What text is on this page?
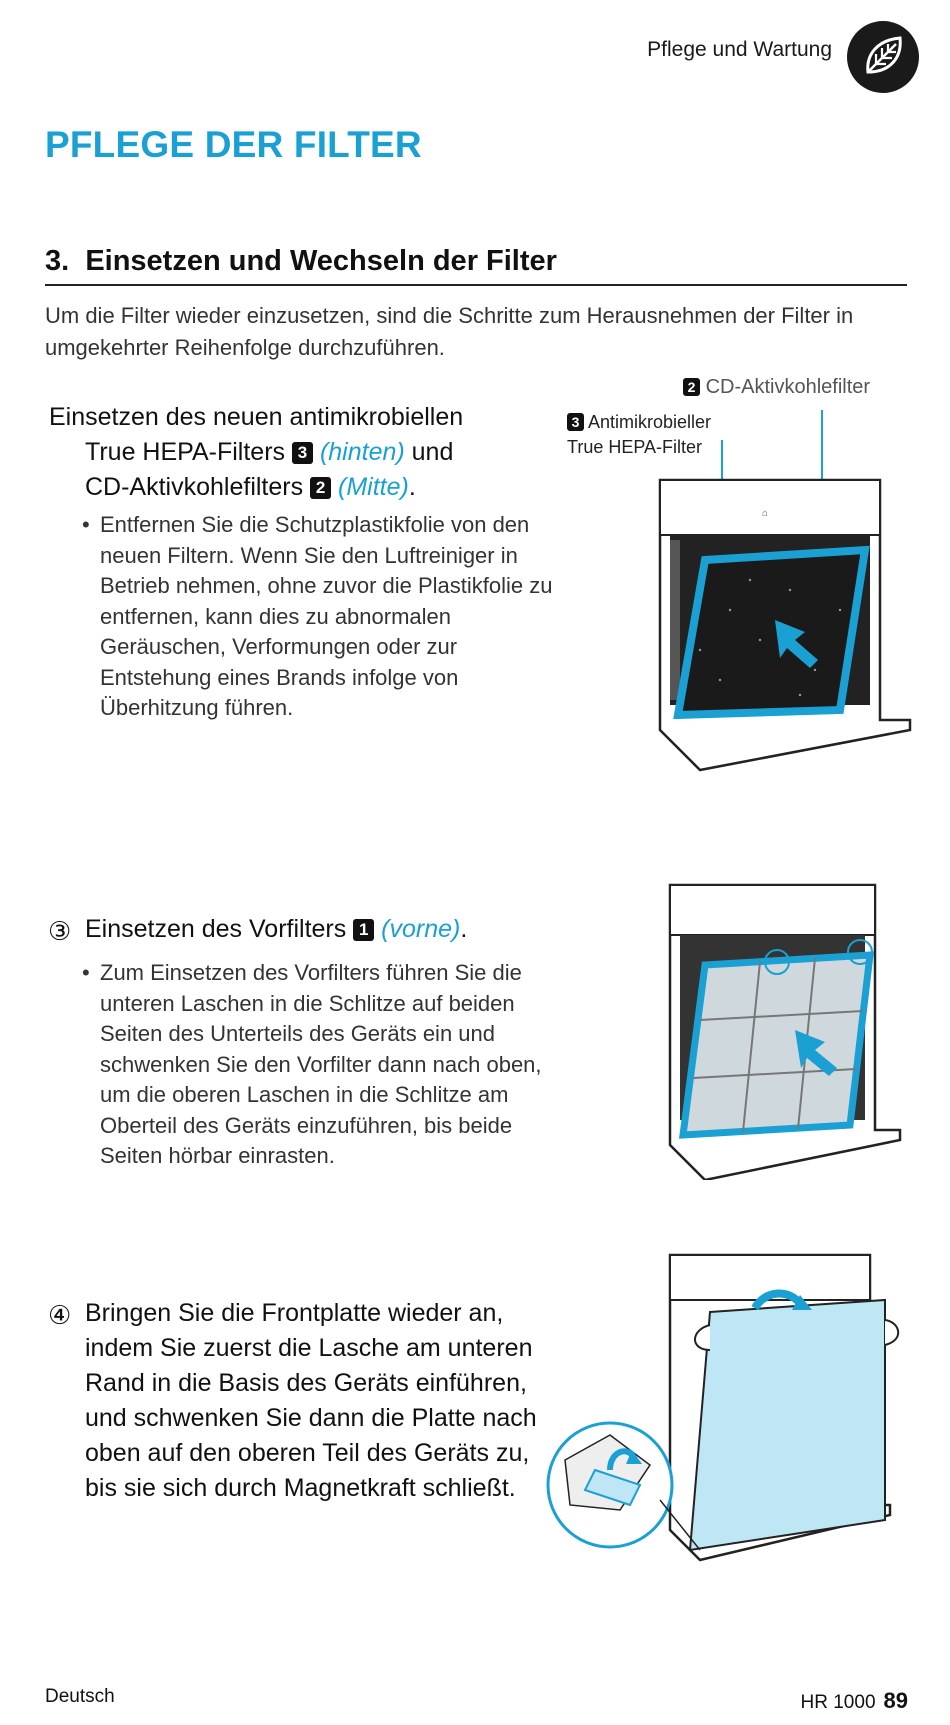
Pflege und Wartung
PFLEGE DER FILTER
3. Einsetzen und Wechseln der Filter
Um die Filter wieder einzusetzen, sind die Schritte zum Herausnehmen der Filter in umgekehrter Reihenfolge durchzuführen.
Einsetzen des neuen antimikrobiellen
True HEPA-Filters 3 (hinten) und
CD-Aktivkohlefilters 2 (Mitte).
• Entfernen Sie die Schutzplastikfolie von den neuen Filtern. Wenn Sie den Luftreiniger in Betrieb nehmen, ohne zuvor die Plastikfolie zu entfernen, kann dies zu abnormalen Geräuschen, Verformungen oder zur Entstehung eines Brands infolge von Überhitzung führen.
2 CD-Aktivkohlefilter
3 Antimikrobieller
True HEPA-Filter
⌂
③ Einsetzen des Vorfilters 1 (vorne).
• Zum Einsetzen des Vorfilters führen Sie die unteren Laschen in die Schlitze auf beiden Seiten des Unterteils des Geräts ein und schwenken Sie den Vorfilter dann nach oben, um die oberen Laschen in die Schlitze am Oberteil des Geräts einzuführen, bis beide Seiten hörbar einrasten.
④ Bringen Sie die Frontplatte wieder an, indem Sie zuerst die Lasche am unteren Rand in die Basis des Geräts einführen, und schwenken Sie dann die Platte nach oben auf den oberen Teil des Geräts zu, bis sie sich durch Magnetkraft schließt.
Deutsch	HR 1000 89
